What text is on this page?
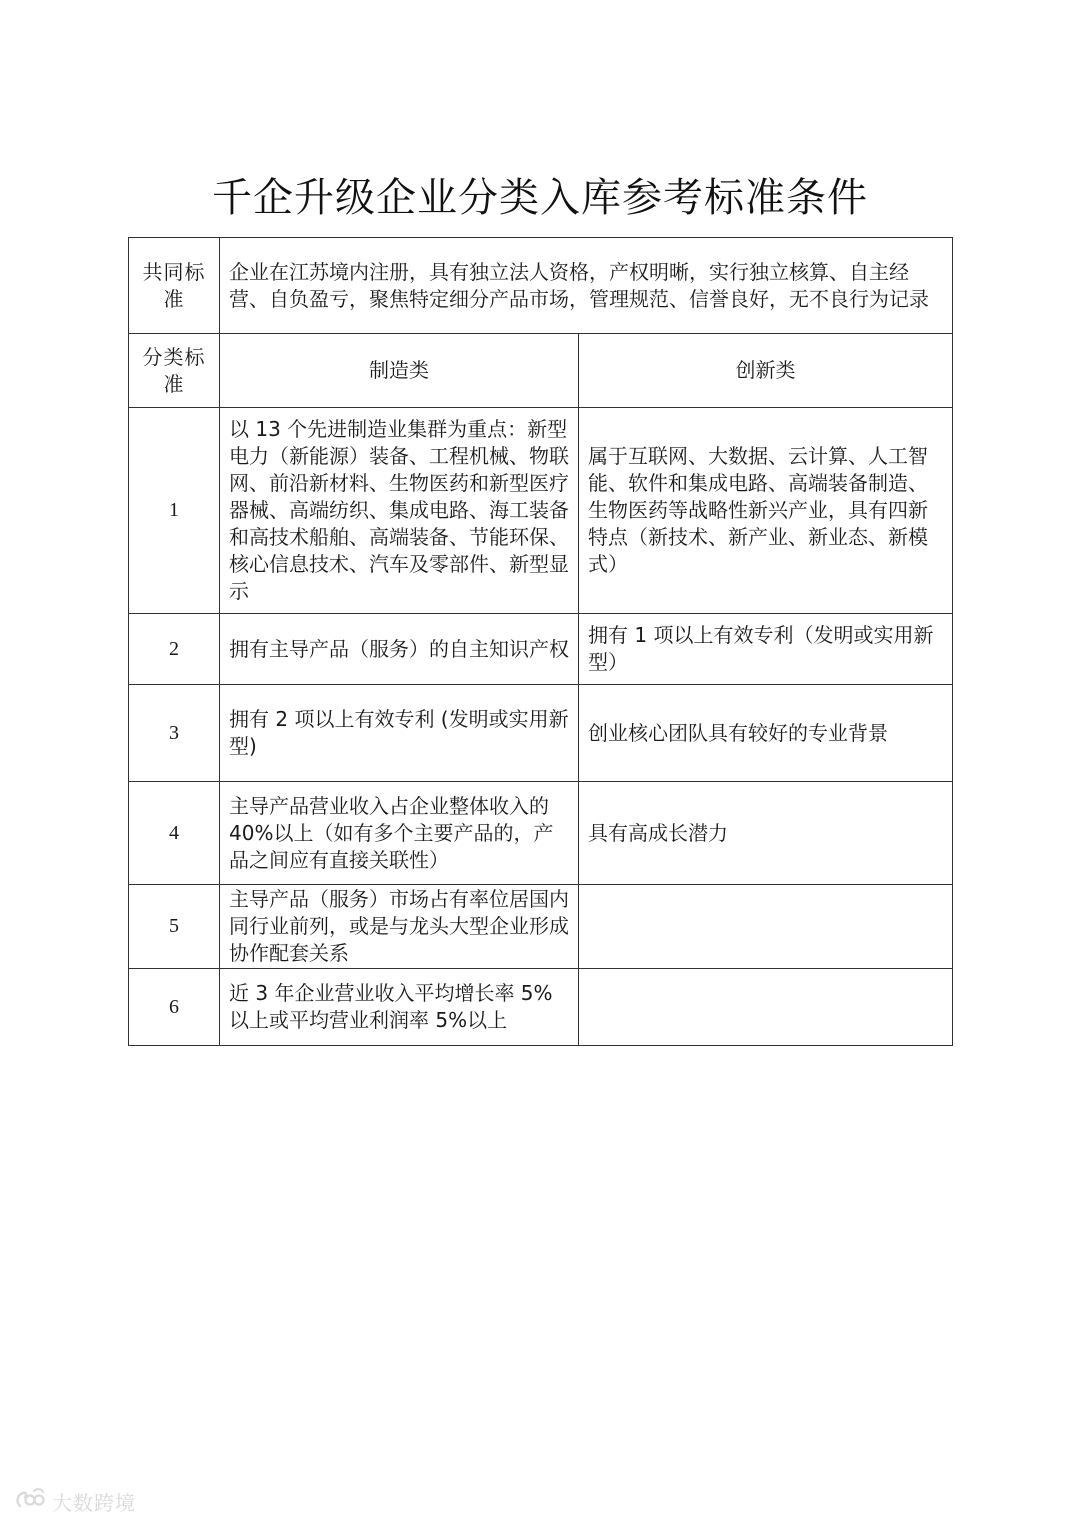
千企升级企业分类入库参考标准条件
共同标准	企业在江苏境内注册，具有独立法人资格，产权明晰，实行独立核算、自主经营、自负盈亏，聚焦特定细分产品市场，管理规范、信誉良好，无不良行为记录	
分类标准	制造类	创新类
1	以 13 个先进制造业集群为重点：新型电力（新能源）装备、工程机械、物联网、前沿新材料、生物医药和新型医疗器械、高端纺织、集成电路、海工装备和高技术船舶、高端装备、节能环保、核心信息技术、汽车及零部件、新型显示	属于互联网、大数据、云计算、人工智能、软件和集成电路、高端装备制造、生物医药等战略性新兴产业，具有四新特点（新技术、新产业、新业态、新模式）
2	拥有主导产品（服务）的自主知识产权	拥有 1 项以上有效专利（发明或实用新型）
3	拥有 2 项以上有效专利 (发明或实用新型)	创业核心团队具有较好的专业背景
4	主导产品营业收入占企业整体收入的 40%以上（如有多个主要产品的，产品之间应有直接关联性）	具有高成长潜力
5	主导产品（服务）市场占有率位居国内同行业前列，或是与龙头大型企业形成协作配套关系	
6	近 3 年企业营业收入平均增长率 5%以上或平均营业利润率 5%以上	
大数跨境
